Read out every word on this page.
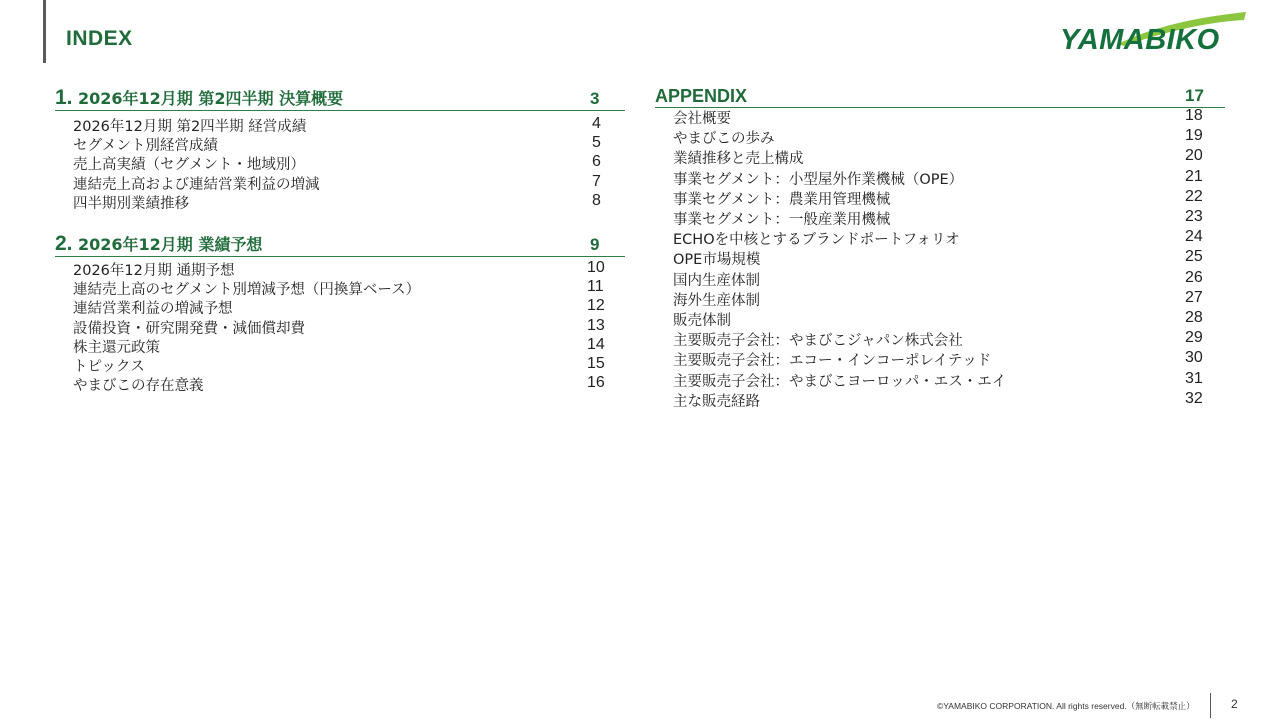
INDEX	YAMABIKO
1. 2026年12月期 第2四半期 決算概要	3
2026年12月期 第2四半期 経営成績	4
セグメント別経営成績	5
売上高実績（セグメント・地域別）	6
連結売上高および連結営業利益の増減	7
四半期別業績推移	8
2. 2026年12月期 業績予想	9
2026年12月期 通期予想	10
連結売上高のセグメント別増減予想（円換算ベース）	11
連結営業利益の増減予想	12
設備投資・研究開発費・減価償却費	13
株主還元政策	14
トピックス	15
やまびこの存在意義	16
APPENDIX	17
会社概要	18
やまびこの歩み	19
業績推移と売上構成	20
事業セグメント：小型屋外作業機械（OPE）	21
事業セグメント：農業用管理機械	22
事業セグメント：一般産業用機械	23
ECHOを中核とするブランドポートフォリオ	24
OPE市場規模	25
国内生産体制	26
海外生産体制	27
販売体制	28
主要販売子会社：やまびこジャパン株式会社	29
主要販売子会社：エコー・インコーポレイテッド	30
主要販売子会社：やまびこヨーロッパ・エス・エイ	31
主な販売経路	32
©YAMABIKO CORPORATION. All rights reserved.（無断転載禁止）	2
